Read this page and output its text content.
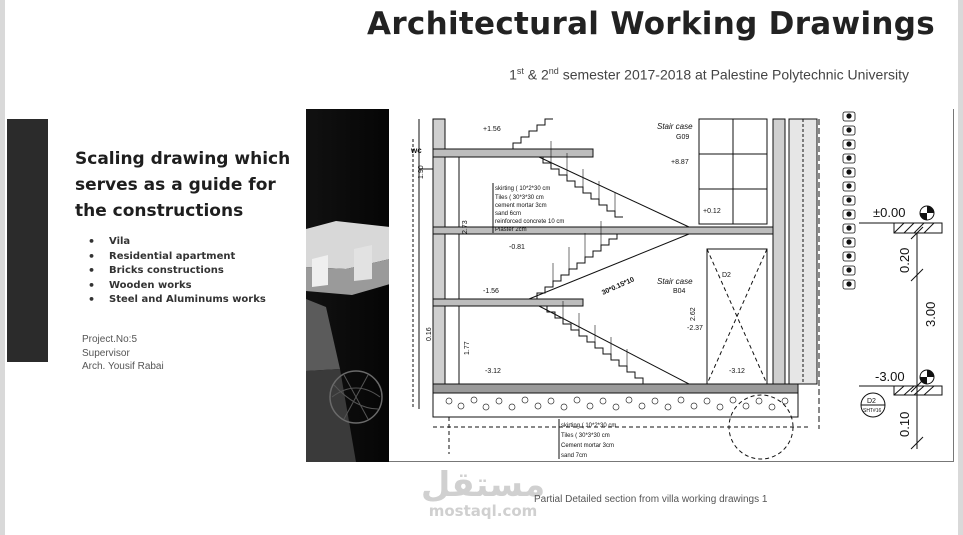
Architectural Working Drawings
1st & 2nd semester 2017-2018 at Palestine Polytechnic University
Scaling drawing which
serves as a guide for
the constructions
• Vila
• Residential apartment
• Bricks constructions
• Wooden works
• Steel and Aluminums works
Project.No:5
Supervisor
Arch. Yousif Rabai
±0.00
-3.00
0.20
3.00
0.10
+1.56
+8.87
+0.12
-0.81
-1.56
-2.37
-3.12	-3.12
2.62
2.73
1.90
0.16
1.77
wc
Stair case
G09
Stair case
B04
D2
30*0.15*10
D2
SHT#16
skirting ( 10*2*30 cm
Tiles ( 30*3*30 cm
cement mortar 3cm
sand 6cm
reinforced concrete 10 cm
Plaster 2cm
skirting ( 10*2*30 cm
Tiles ( 30*3*30 cm
Cement mortar 3cm
sand 7cm
مستقل
mostaql.com
Partial Detailed section from villa working drawings 1
